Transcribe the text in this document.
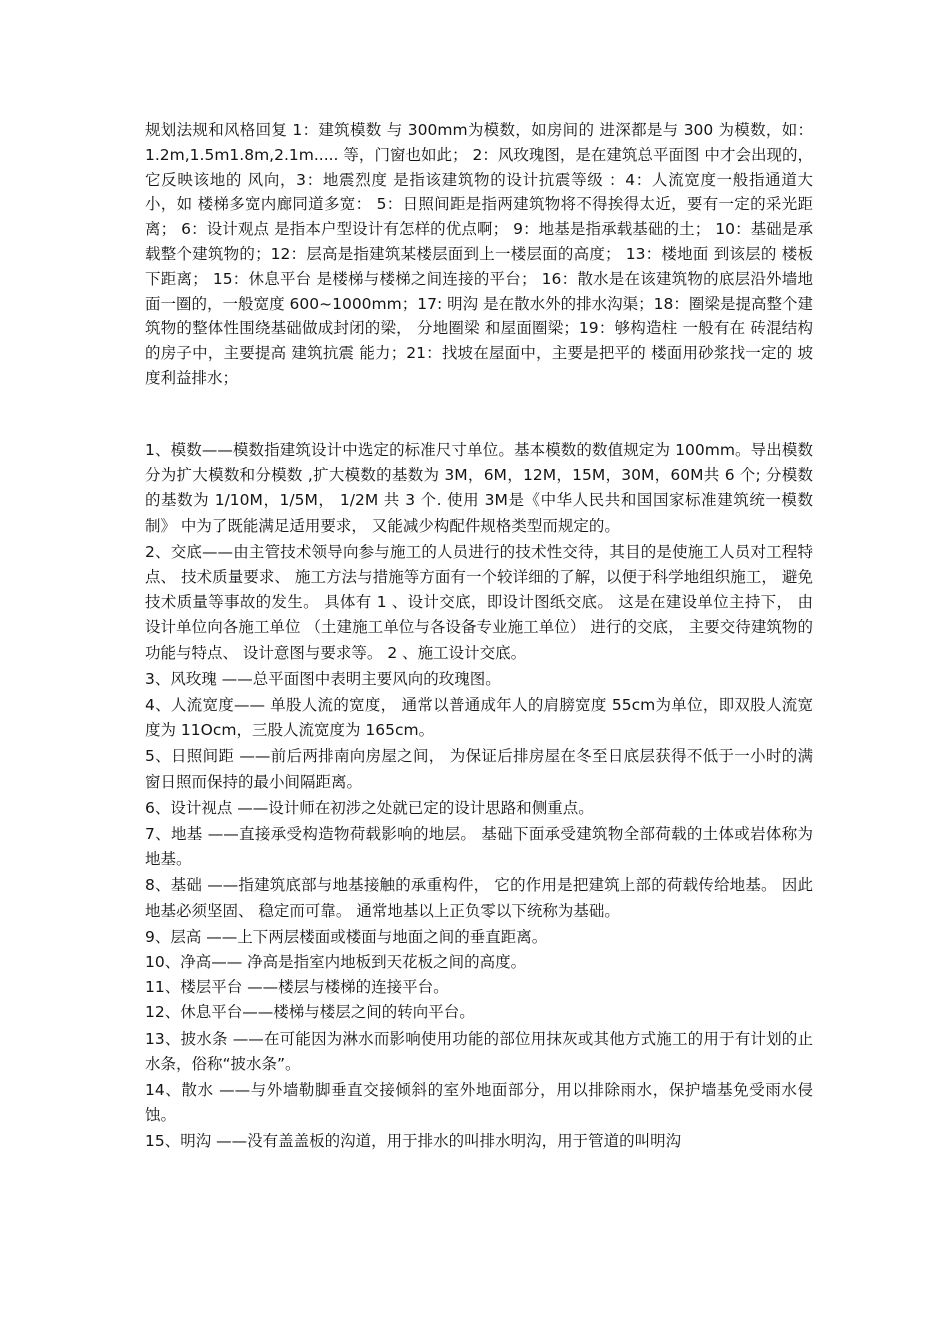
规划法规和风格回复 1：建筑模数 与 300mm为模数，如房间的 进深都是与 300 为模数，如： 1.2m,1.5m1.8m,2.1m..... 等，门窗也如此； 2：风玫瑰图，是在建筑总平面图 中才会出现的，它反映该地的 风向，3：地震烈度 是指该建筑物的设计抗震等级 ：4：人流宽度一般指通道大小，如 楼梯多宽内廊同道多宽： 5：日照间距是指两建筑物将不得挨得太近，要有一定的采光距离； 6：设计观点 是指本户型设计有怎样的优点啊； 9：地基是指承载基础的土； 10：基础是承载整个建筑物的；12：层高是指建筑某楼层面到上一楼层面的高度； 13：楼地面 到该层的 楼板下距离； 15：休息平台 是楼梯与楼梯之间连接的平台； 16：散水是在该建筑物的底层沿外墙地面一圈的，一般宽度 600~1000mm；17: 明沟 是在散水外的排水沟渠；18：圈梁是提高整个建筑物的整体性围绕基础做成封闭的梁， 分地圈梁 和屋面圈梁；19：够构造柱 一般有在 砖混结构 的房子中，主要提高 建筑抗震 能力；21：找坡在屋面中，主要是把平的 楼面用砂浆找一定的 坡度利益排水；

1、模数——模数指建筑设计中选定的标准尺寸单位。基本模数的数值规定为 100mm。导出模数分为扩大模数和分模数 ,扩大模数的基数为 3M，6M，12M，15M，30M，60M共 6 个; 分模数的基数为 1/10M，1/5M， 1/2M 共 3 个. 使用 3M是《中华人民共和国国家标准建筑统一模数制》 中为了既能满足适用要求， 又能减少构配件规格类型而规定的。

2、交底——由主管技术领导向参与施工的人员进行的技术性交待，其目的是使施工人员对工程特点、 技术质量要求、 施工方法与措施等方面有一个较详细的了解，以便于科学地组织施工， 避免技术质量等事故的发生。 具体有 1 、设计交底，即设计图纸交底。 这是在建设单位主持下， 由设计单位向各施工单位 （土建施工单位与各设备专业施工单位） 进行的交底， 主要交待建筑物的功能与特点、 设计意图与要求等。 2 、施工设计交底。

3、风玫瑰 ——总平面图中表明主要风向的玫瑰图。

4、人流宽度—— 单股人流的宽度， 通常以普通成年人的肩膀宽度 55cm为单位，即双股人流宽度为 11Ocm，三股人流宽度为 165cm。

5、日照间距 ——前后两排南向房屋之间， 为保证后排房屋在冬至日底层获得不低于一小时的满窗日照而保持的最小间隔距离。

6、设计视点 ——设计师在初涉之处就已定的设计思路和侧重点。

7、地基 ——直接承受构造物荷载影响的地层。 基础下面承受建筑物全部荷载的土体或岩体称为地基。

8、基础 ——指建筑底部与地基接触的承重构件， 它的作用是把建筑上部的荷载传给地基。 因此地基必须坚固、 稳定而可靠。 通常地基以上正负零以下统称为基础。

9、层高 ——上下两层楼面或楼面与地面之间的垂直距离。

10、净高—— 净高是指室内地板到天花板之间的高度。

11、楼层平台 ——楼层与楼梯的连接平台。

12、休息平台——楼梯与楼层之间的转向平台。

13、披水条 ——在可能因为淋水而影响使用功能的部位用抹灰或其他方式施工的用于有计划的止水条，俗称“披水条”。

14、散水 ——与外墙勒脚垂直交接倾斜的室外地面部分，用以排除雨水，保护墙基免受雨水侵蚀。

15、明沟 ——没有盖盖板的沟道，用于排水的叫排水明沟，用于管道的叫明沟
